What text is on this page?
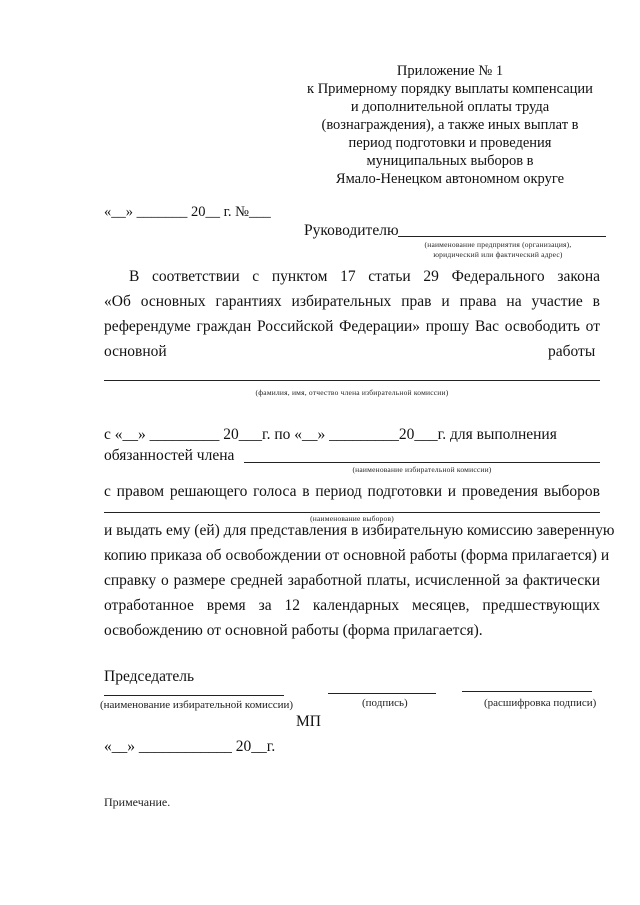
Приложение № 1
к Примерному порядку выплаты компенсации
и дополнительной оплаты труда
(вознаграждения), а также иных выплат в
период подготовки и проведения
муниципальных выборов в
Ямало-Ненецком автономном округе
«__» _______ 20__ г. №___
Руководителю
(наименование предприятия (организация),
юридический или фактический адрес)
В соответствии с пунктом 17 статьи 29 Федерального закона
«Об основных гарантиях избирательных прав и права на участие в
референдуме граждан Российской Федерации» прошу Вас освободить от
основной	работы
(фамилия, имя, отчество члена избирательной комиссии)
с «__» _________ 20___г. по «__» _________20___г. для выполнения
обязанностей члена
(наименование избирательной комиссии)
с правом решающего голоса в период подготовки и проведения выборов
(наименование выборов)
и выдать ему (ей) для представления в избирательную комиссию заверенную
копию приказа об освобождении от основной работы (форма прилагается) и
справку о размере средней заработной платы, исчисленной за фактически
отработанное время за 12 календарных месяцев, предшествующих
освобождению от основной работы (форма прилагается).
Председатель
(наименование избирательной комиссии)	(подпись)	(расшифровка подписи)
МП
«__» ____________ 20__г.
Примечание.
